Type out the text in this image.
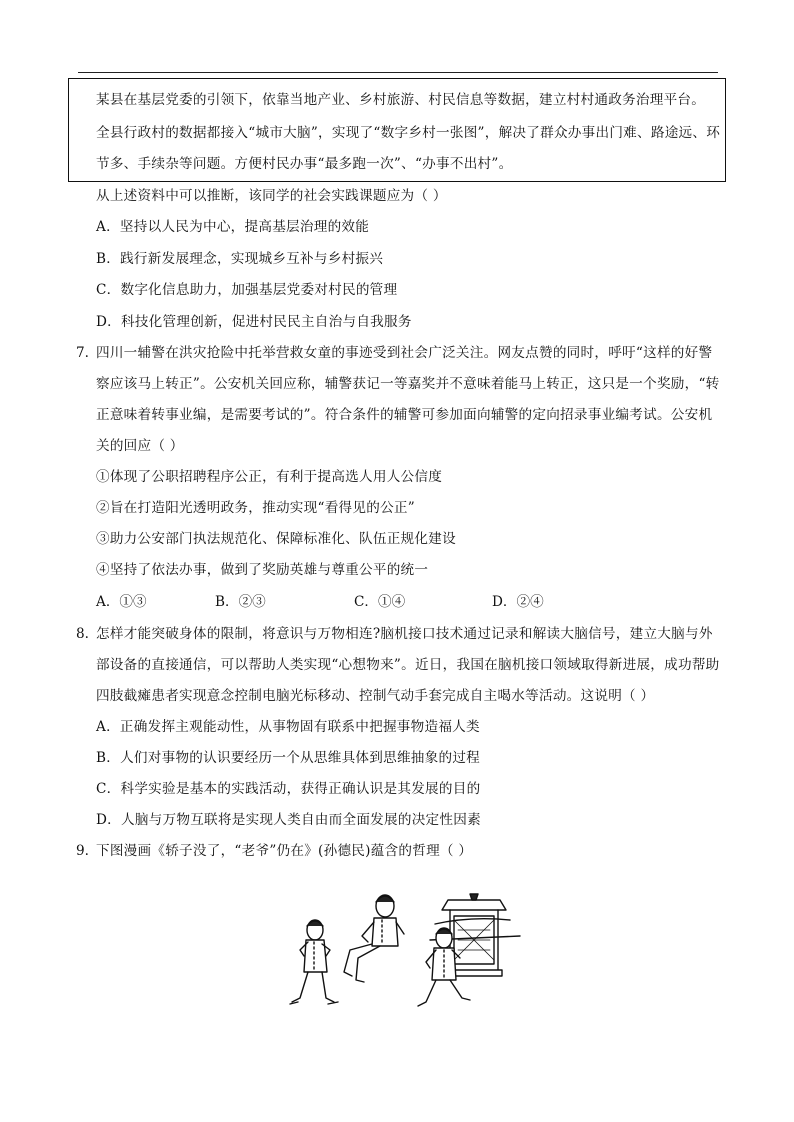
某县在基层党委的引领下，依靠当地产业、乡村旅游、村民信息等数据，建立村村通政务治理平台。
全县行政村的数据都接入“城市大脑”，实现了“数字乡村一张图”，解决了群众办事出门难、路途远、环
节多、手续杂等问题。方便村民办事“最多跑一次”、“办事不出村”。
从上述资料中可以推断，该同学的社会实践课题应为（ ）
A．坚持以人民为中心，提高基层治理的效能
B．践行新发展理念，实现城乡互补与乡村振兴
C．数字化信息助力，加强基层党委对村民的管理
D．科技化管理创新，促进村民民主自治与自我服务
7. 四川一辅警在洪灾抢险中托举营救女童的事迹受到社会广泛关注。网友点赞的同时，呼吁“这样的好警
察应该马上转正”。公安机关回应称，辅警获记一等嘉奖并不意味着能马上转正，这只是一个奖励，“转
正意味着转事业编，是需要考试的”。符合条件的辅警可参加面向辅警的定向招录事业编考试。公安机
关的回应（ ）
①体现了公职招聘程序公正，有利于提高选人用人公信度
②旨在打造阳光透明政务，推动实现“看得见的公正”
③助力公安部门执法规范化、保障标准化、队伍正规化建设
④坚持了依法办事，做到了奖励英雄与尊重公平的统一
A．①③	B．②③	C．①④	D．②④
8. 怎样才能突破身体的限制，将意识与万物相连?脑机接口技术通过记录和解读大脑信号，建立大脑与外
部设备的直接通信，可以帮助人类实现“心想物来”。近日，我国在脑机接口领域取得新进展，成功帮助
四肢截瘫患者实现意念控制电脑光标移动、控制气动手套完成自主喝水等活动。这说明（ ）
A．正确发挥主观能动性，从事物固有联系中把握事物造福人类
B．人们对事物的认识要经历一个从思维具体到思维抽象的过程
C．科学实验是基本的实践活动，获得正确认识是其发展的目的
D．人脑与万物互联将是实现人类自由而全面发展的决定性因素
9. 下图漫画《轿子没了，“老爷”仍在》(孙德民)蕴含的哲理（ ）
